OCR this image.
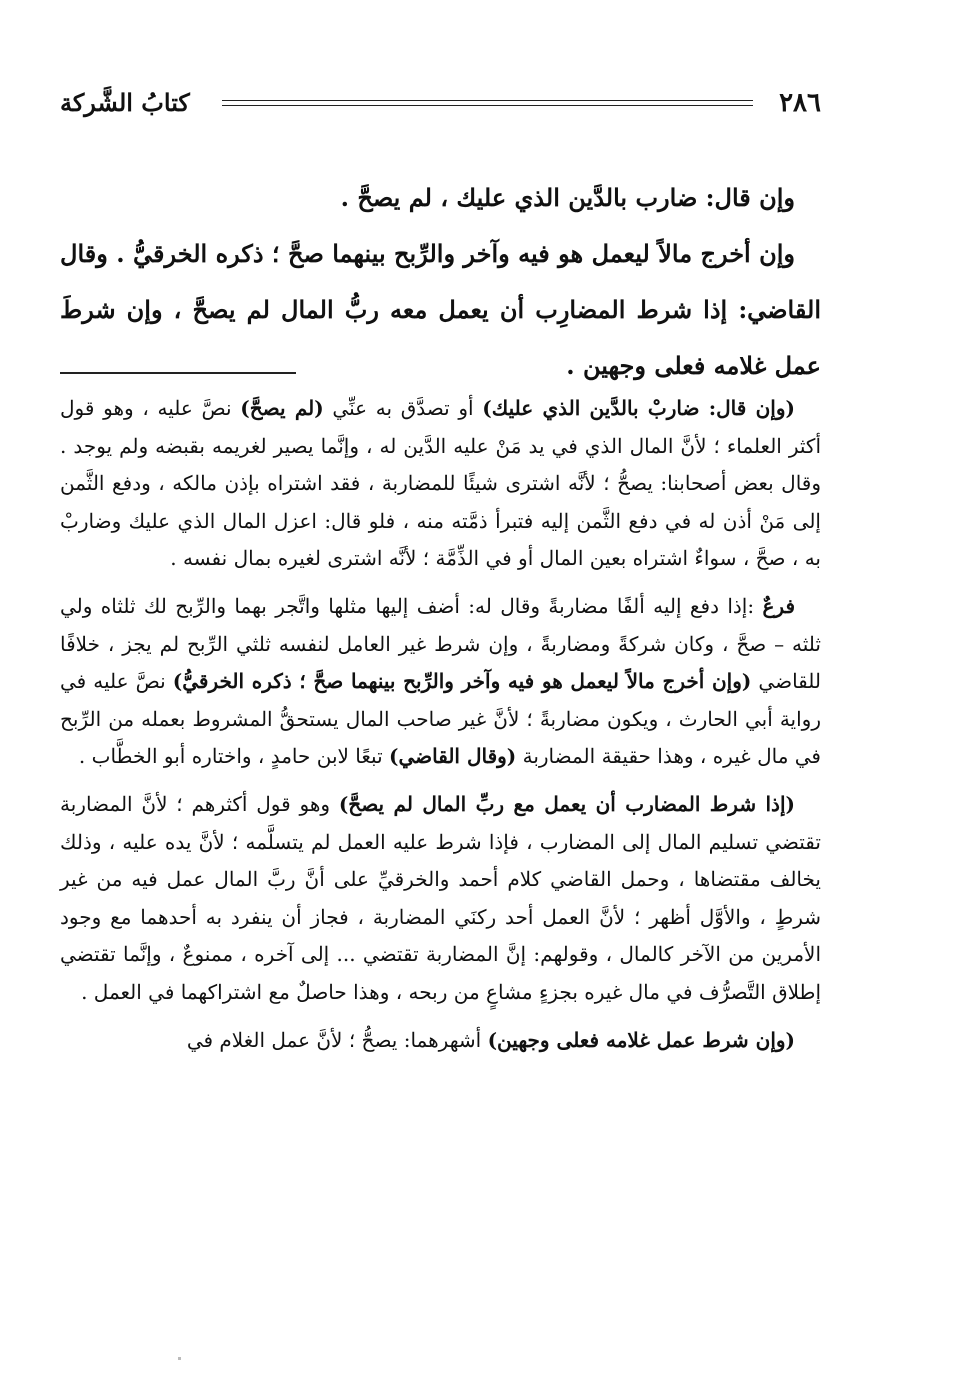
٢٨٦
كتابُ الشَّركة

وإن قال: ضارب بالدَّين الذي عليك ، لم يصحَّ .

وإن أخرج مالاً ليعمل هو فيه وآخر والرِّبح بينهما صحَّ ؛ ذكره الخرقيُّ . وقال القاضي: إذا شرط المضارِب أن يعمل معه ربُّ المال لم يصحَّ ، وإن شرطَ عمل غلامه فعلى وجهين .

(وإن قال: ضاربْ بالدَّين الذي عليك) أو تصدَّق به عنِّي (لم يصحَّ) نصَّ عليه ، وهو قول أكثر العلماء ؛ لأنَّ المال الذي في يد مَنْ عليه الدَّين له ، وإنَّما يصير لغريمه بقبضه ولم يوجد . وقال بعض أصحابنا: يصحُّ ؛ لأنَّه اشترى شيئًا للمضاربة ، فقد اشتراه بإذن مالكه ، ودفع الثَّمن إلى مَنْ أذن له في دفع الثَّمن إليه فتبرأ ذمَّته منه ، فلو قال: اعزل المال الذي عليك وضاربْ به ، صحَّ ، سواءٌ اشتراه بعين المال أو في الذِّمَّة ؛ لأنَّه اشترى لغيره بمال نفسه .

فرعٌ :إذا دفع إليه ألفًا مضاربةً وقال له: أضف إليها مثلها واتَّجر بهما والرِّبح لك ثلثاه ولي ثلثه – صحَّ ، وكان شركةً ومضاربةً ، وإن شرط غير العامل لنفسه ثلثي الرِّبح لم يجز ، خلافًا للقاضي (وإن أخرج مالاً ليعمل هو فيه وآخر والرِّبح بينهما صحَّ ؛ ذكره الخرقيُّ) نصَّ عليه في رواية أبي الحارث ، ويكون مضاربةً ؛ لأنَّ غير صاحب المال يستحقُّ المشروط بعمله من الرِّبح في مال غيره ، وهذا حقيقة المضاربة (وقال القاضي) تبعًا لابن حامدٍ ، واختاره أبو الخطَّاب .

(إذا شرط المضارب أن يعمل مع ربِّ المال لم يصحَّ) وهو قول أكثرهم ؛ لأنَّ المضاربة تقتضي تسليم المال إلى المضارب ، فإذا شرط عليه العمل لم يتسلَّمه ؛ لأنَّ يده عليه ، وذلك يخالف مقتضاها ، وحمل القاضي كلام أحمد والخرقيِّ على أنَّ ربَّ المال عمل فيه من غير شرطٍ ، والأوَّل أظهر ؛ لأنَّ العمل أحد ركنَي المضاربة ، فجاز أن ينفرد به أحدهما مع وجود الأمرين من الآخر كالمال ، وقولهم: إنَّ المضاربة تقتضي ... إلى آخره ، ممنوعٌ ، وإنَّما تقتضي إطلاق التَّصرُّف في مال غيره بجزءٍ مشاعٍ من ربحه ، وهذا حاصلٌ مع اشتراكهما في العمل .

(وإن شرط عمل غلامه فعلى وجهين) أشهرهما: يصحُّ ؛ لأنَّ عمل الغلام في
